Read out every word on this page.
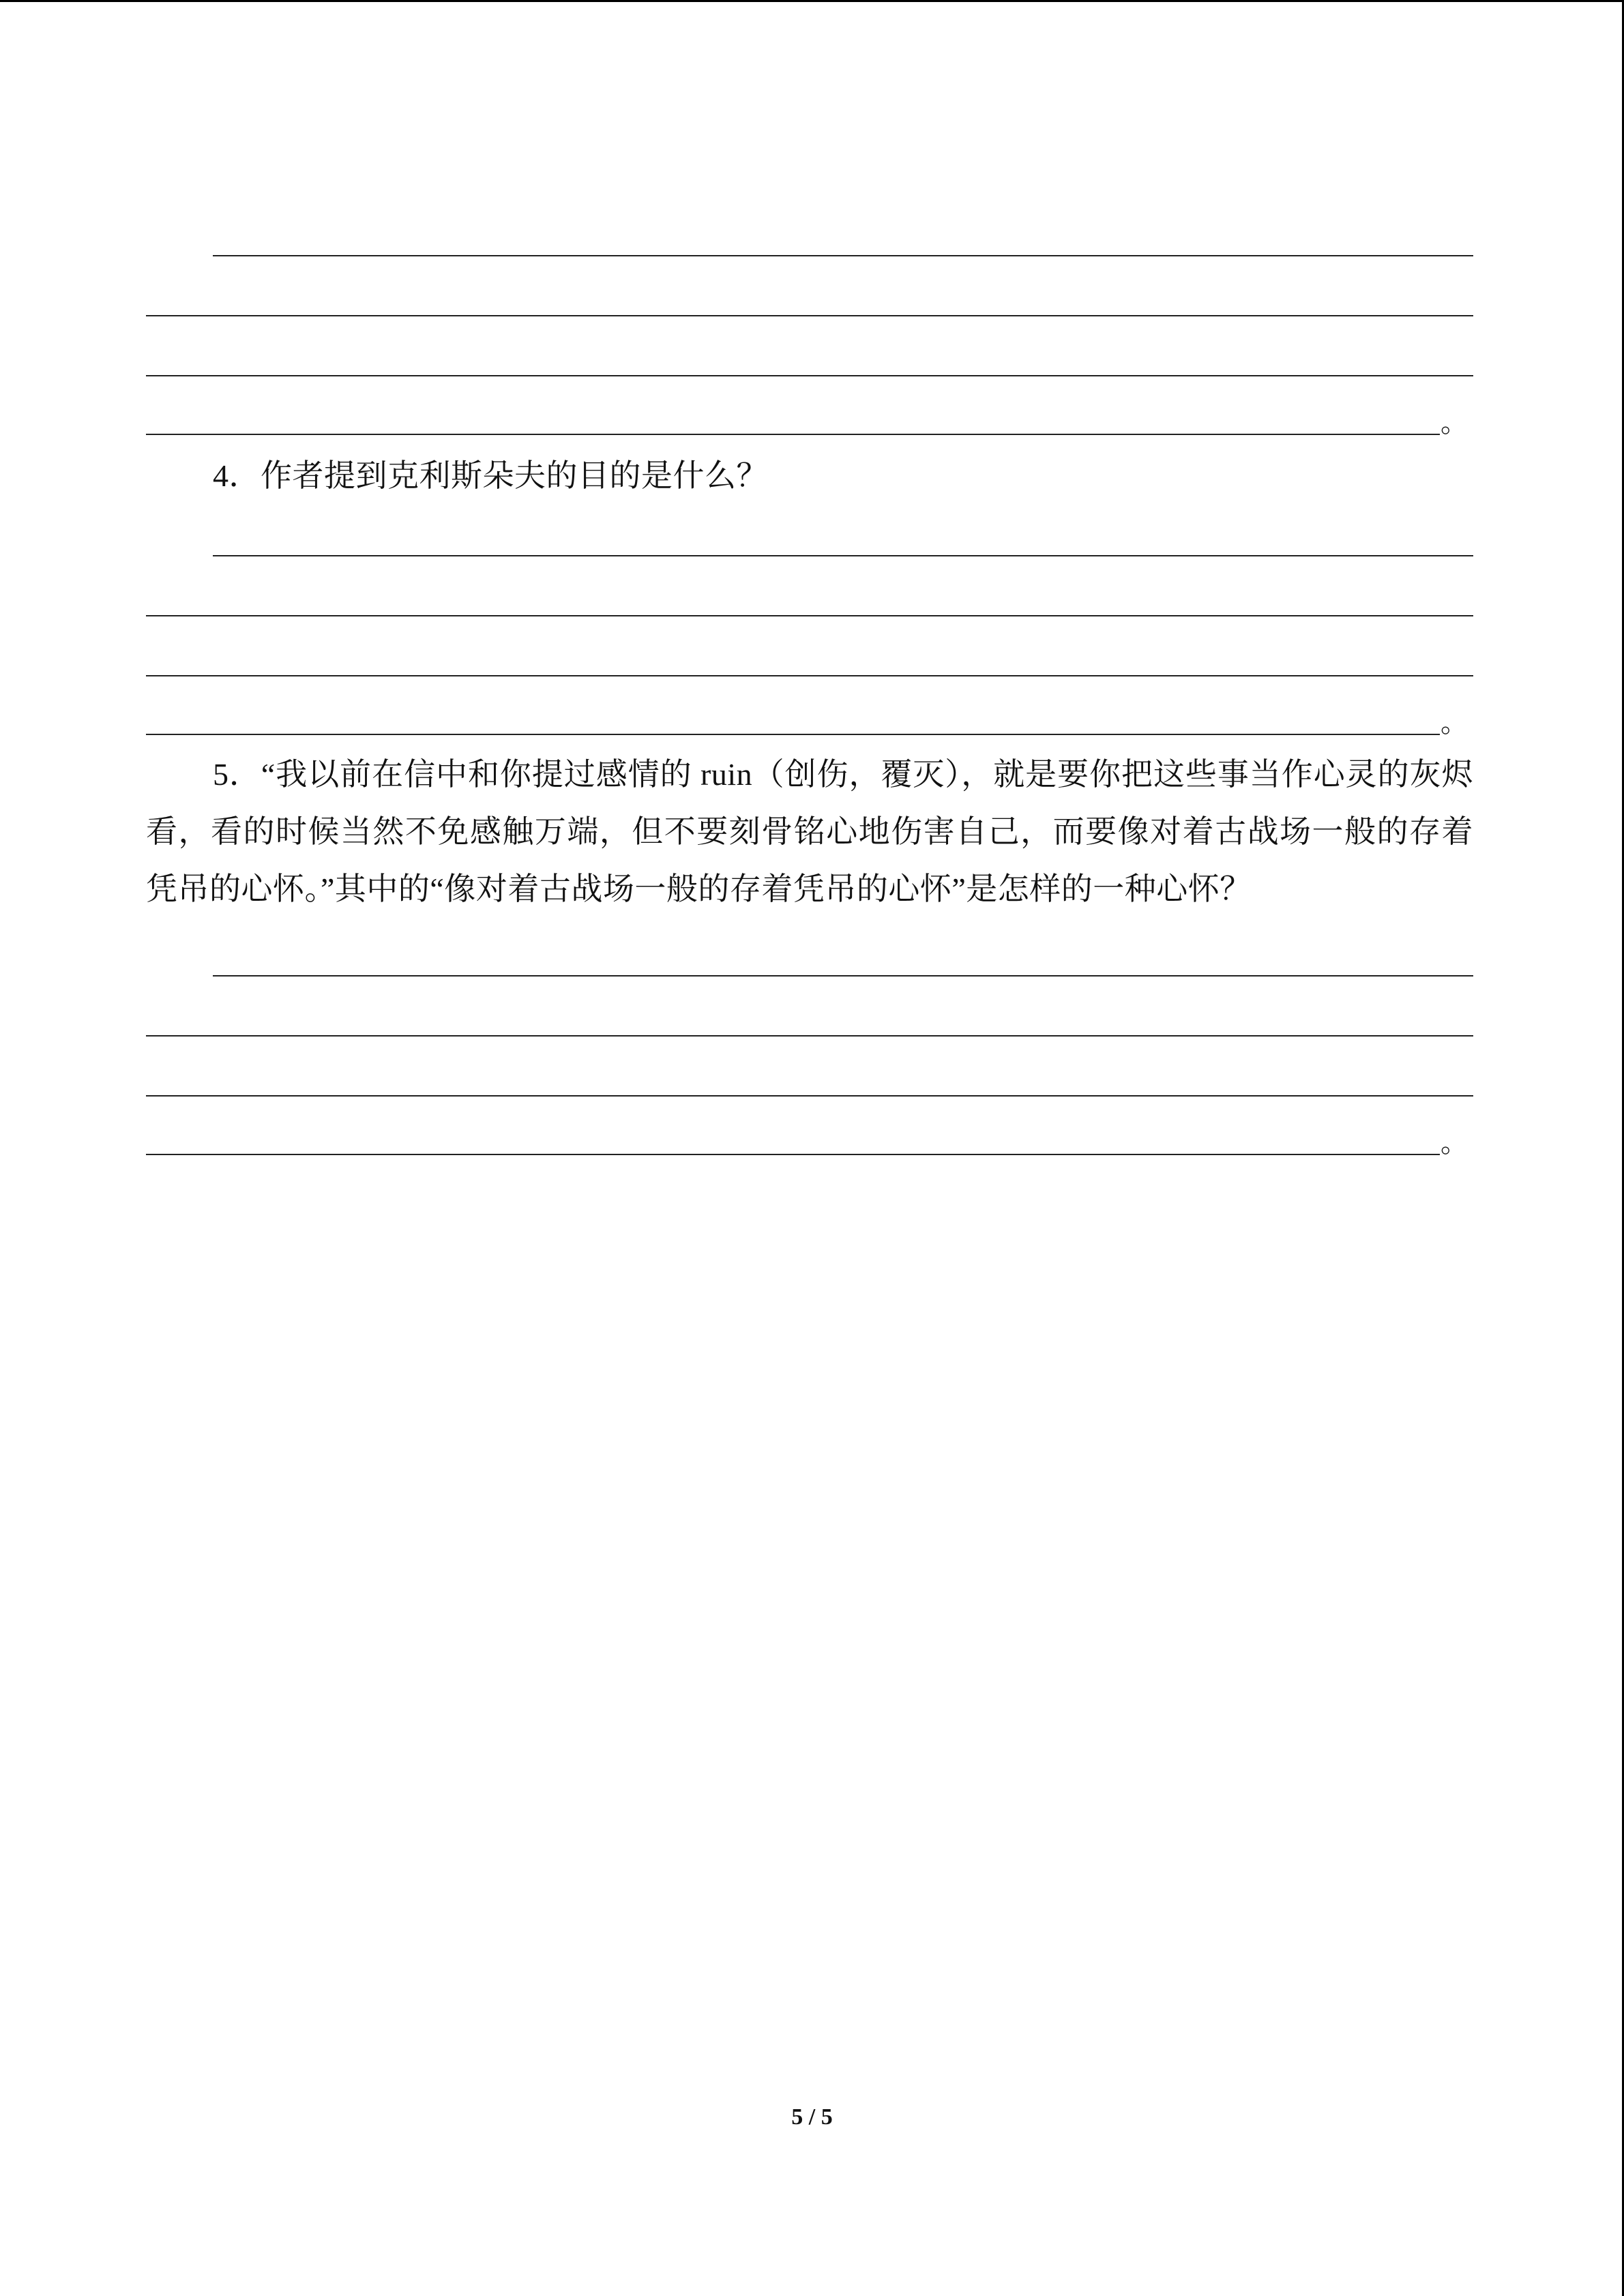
。
4．作者提到克利斯朵夫的目的是什么？
。
5．“我以前在信中和你提过感情的 ruin（创伤，覆灭），就是要你把这些事当作心灵的灰烬看，看的时候当然不免感触万端，但不要刻骨铭心地伤害自己，而要像对着古战场一般的存着凭吊的心怀。”其中的“像对着古战场一般的存着凭吊的心怀”是怎样的一种心怀？
。
5 / 5
